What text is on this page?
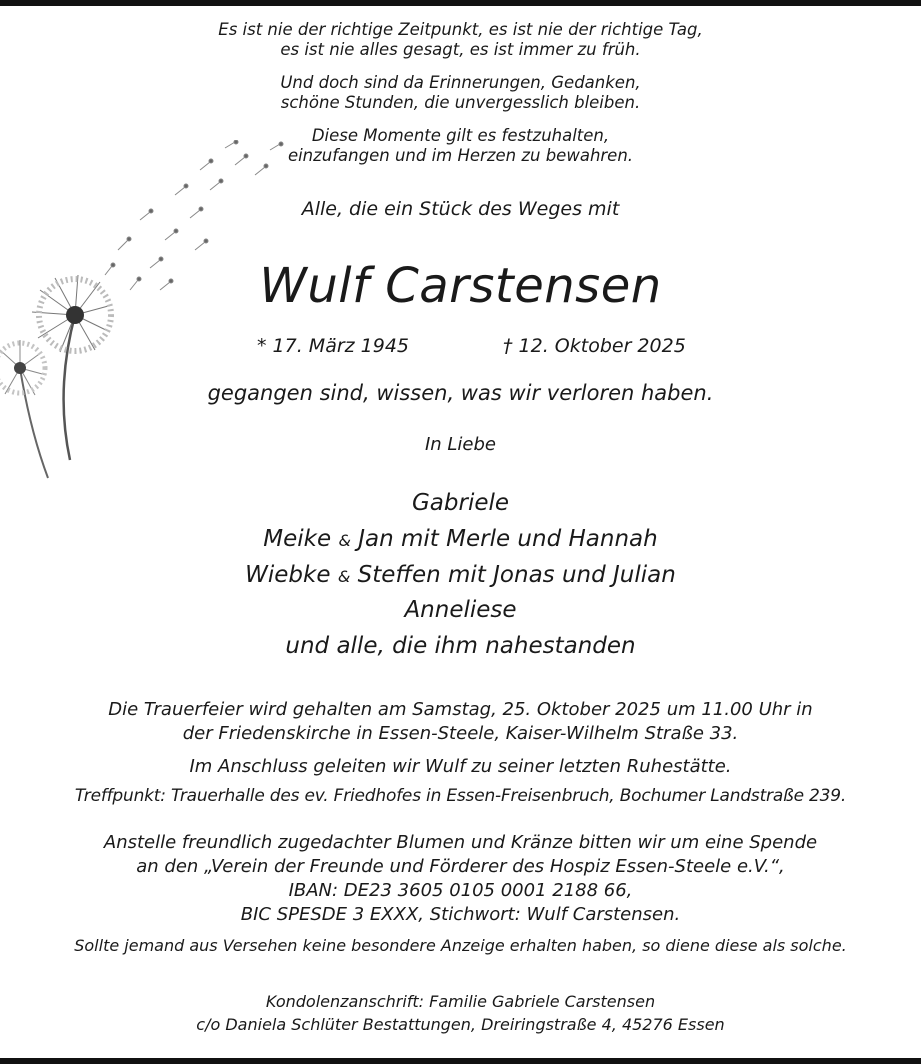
Es ist nie der richtige Zeitpunkt, es ist nie der richtige Tag,
es ist nie alles gesagt, es ist immer zu früh.
Und doch sind da Erinnerungen, Gedanken,
schöne Stunden, die unvergesslich bleiben.
Diese Momente gilt es festzuhalten,
einzufangen und im Herzen zu bewahren.
Alle, die ein Stück des Weges mit
Wulf Carstensen
* 17. März 1945	† 12. Oktober 2025
gegangen sind, wissen, was wir verloren haben.
In Liebe
Gabriele
Meike & Jan mit Merle und Hannah
Wiebke & Steffen mit Jonas und Julian
Anneliese
und alle, die ihm nahestanden
Die Trauerfeier wird gehalten am Samstag, 25. Oktober 2025 um 11.00 Uhr in
der Friedenskirche in Essen-Steele, Kaiser-Wilhelm Straße 33.
Im Anschluss geleiten wir Wulf zu seiner letzten Ruhestätte.
Treffpunkt: Trauerhalle des ev. Friedhofes in Essen-Freisenbruch, Bochumer Landstraße 239.
Anstelle freundlich zugedachter Blumen und Kränze bitten wir um eine Spende
an den „Verein der Freunde und Förderer des Hospiz Essen-Steele e.V.“,
IBAN: DE23 3605 0105 0001 2188 66,
BIC SPESDE 3 EXXX, Stichwort: Wulf Carstensen.
Sollte jemand aus Versehen keine besondere Anzeige erhalten haben, so diene diese als solche.
Kondolenzanschrift: Familie Gabriele Carstensen
c/o Daniela Schlüter Bestattungen, Dreiringstraße 4, 45276 Essen
